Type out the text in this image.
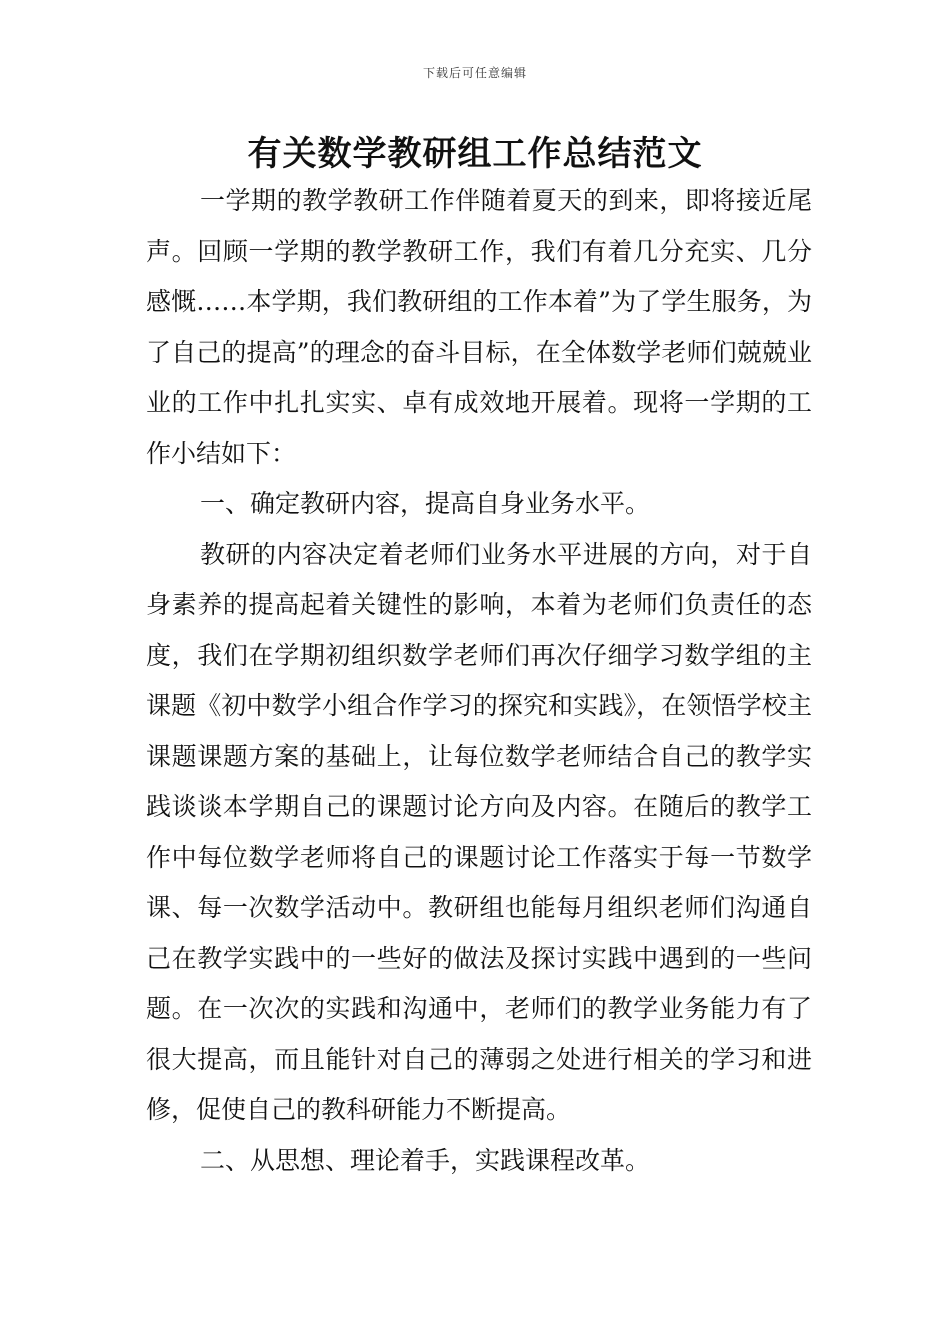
下载后可任意编辑
有关数学教研组工作总结范文

一学期的教学教研工作伴随着夏天的到来，即将接近尾声。回顾一学期的教学教研工作，我们有着几分充实、几分感慨……本学期，我们教研组的工作本着”为了学生服务，为了自己的提高”的理念的奋斗目标，在全体数学老师们兢兢业业的工作中扎扎实实、卓有成效地开展着。现将一学期的工作小结如下：

一、确定教研内容，提高自身业务水平。

教研的内容决定着老师们业务水平进展的方向，对于自身素养的提高起着关键性的影响，本着为老师们负责任的态度，我们在学期初组织数学老师们再次仔细学习数学组的主课题《初中数学小组合作学习的探究和实践》，在领悟学校主课题课题方案的基础上，让每位数学老师结合自己的教学实践谈谈本学期自己的课题讨论方向及内容。在随后的教学工作中每位数学老师将自己的课题讨论工作落实于每一节数学课、每一次数学活动中。教研组也能每月组织老师们沟通自己在教学实践中的一些好的做法及探讨实践中遇到的一些问题。在一次次的实践和沟通中，老师们的教学业务能力有了很大提高，而且能针对自己的薄弱之处进行相关的学习和进修，促使自己的教科研能力不断提高。

二、从思想、理论着手，实践课程改革。
